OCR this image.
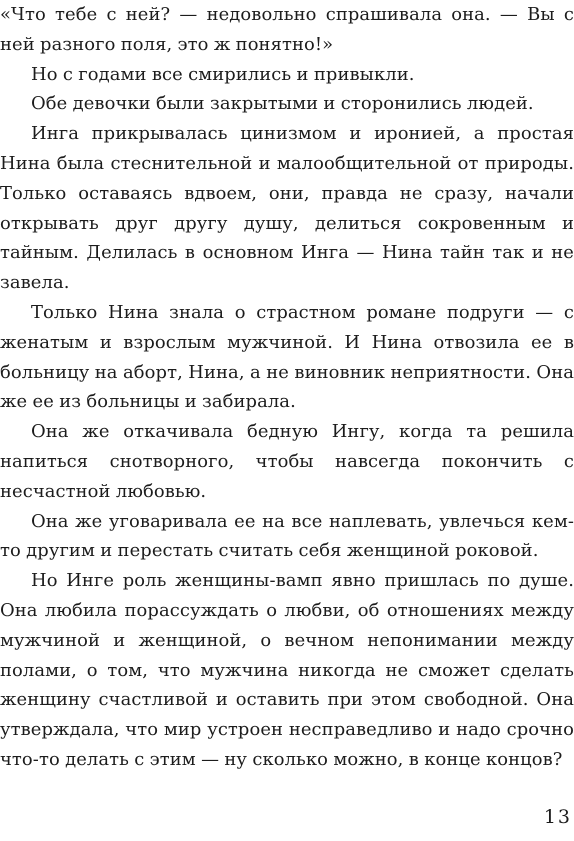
«Что тебе с ней? — недовольно спрашивала она. — Вы с ней разного поля, это ж понятно!»

Но с годами все смирились и привыкли.

Обе девочки были закрытыми и сторонились людей.

Инга прикрывалась цинизмом и иронией, а простая Нина была стеснительной и малообщительной от природы. Только оставаясь вдвоем, они, правда не сразу, начали открывать друг другу душу, делиться сокровенным и тайным. Делилась в основном Инга — Нина тайн так и не завела.

Только Нина знала о страстном романе подруги — с женатым и взрослым мужчиной. И Нина отвозила ее в больницу на аборт, Нина, а не виновник неприятности. Она же ее из больницы и забирала.

Она же откачивала бедную Ингу, когда та решила напиться снотворного, чтобы навсегда покончить с несчастной любовью.

Она же уговаривала ее на все наплевать, увлечься кем-то другим и перестать считать себя женщиной роковой.

Но Инге роль женщины-вамп явно пришлась по душе. Она любила порассуждать о любви, об отношениях между мужчиной и женщиной, о вечном непонимании между полами, о том, что мужчина никогда не сможет сделать женщину счастливой и оставить при этом свободной. Она утверждала, что мир устроен несправедливо и надо срочно что-то делать с этим — ну сколько можно, в конце концов?

13
